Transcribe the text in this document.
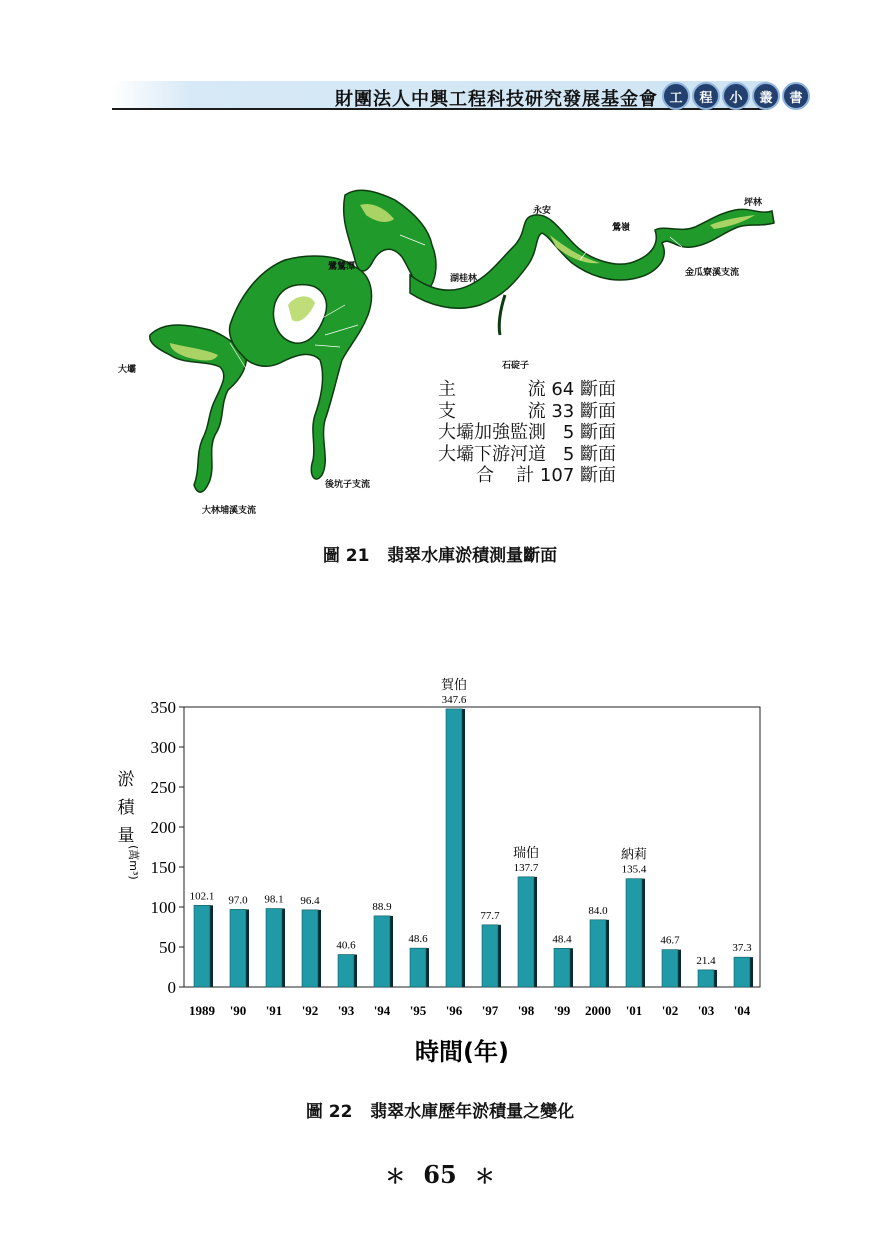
財團法人中興工程科技研究發展基金會 工	程	小	叢	書
永安
坪林
鶯嶺
鷺鷥潭
湖桂林
石碇子
大壩
金瓜寮溪支流
後坑子支流
大林埔溪支流
主	流 64 斷面
支	流 33 斷面
大壩加強監測 5 斷面
大壩下游河道 5 斷面
合 計 107 斷面
圖 21 翡翠水庫淤積測量斷面
0
50
100
150
200
250
300
350
淤
積
量
(萬m³)
102.1
1989
97.0
'90
98.1
'91
96.4
'92
40.6
'93
88.9
'94
48.6
'95
347.6
'96
77.7
'97
137.7
'98
48.4
'99
84.0
2000
135.4
'01
46.7
'02
21.4
'03
37.3
'04
賀伯
瑞伯	納莉
時間(年)
圖 22 翡翠水庫歷年淤積量之變化
＊ 65 ＊
